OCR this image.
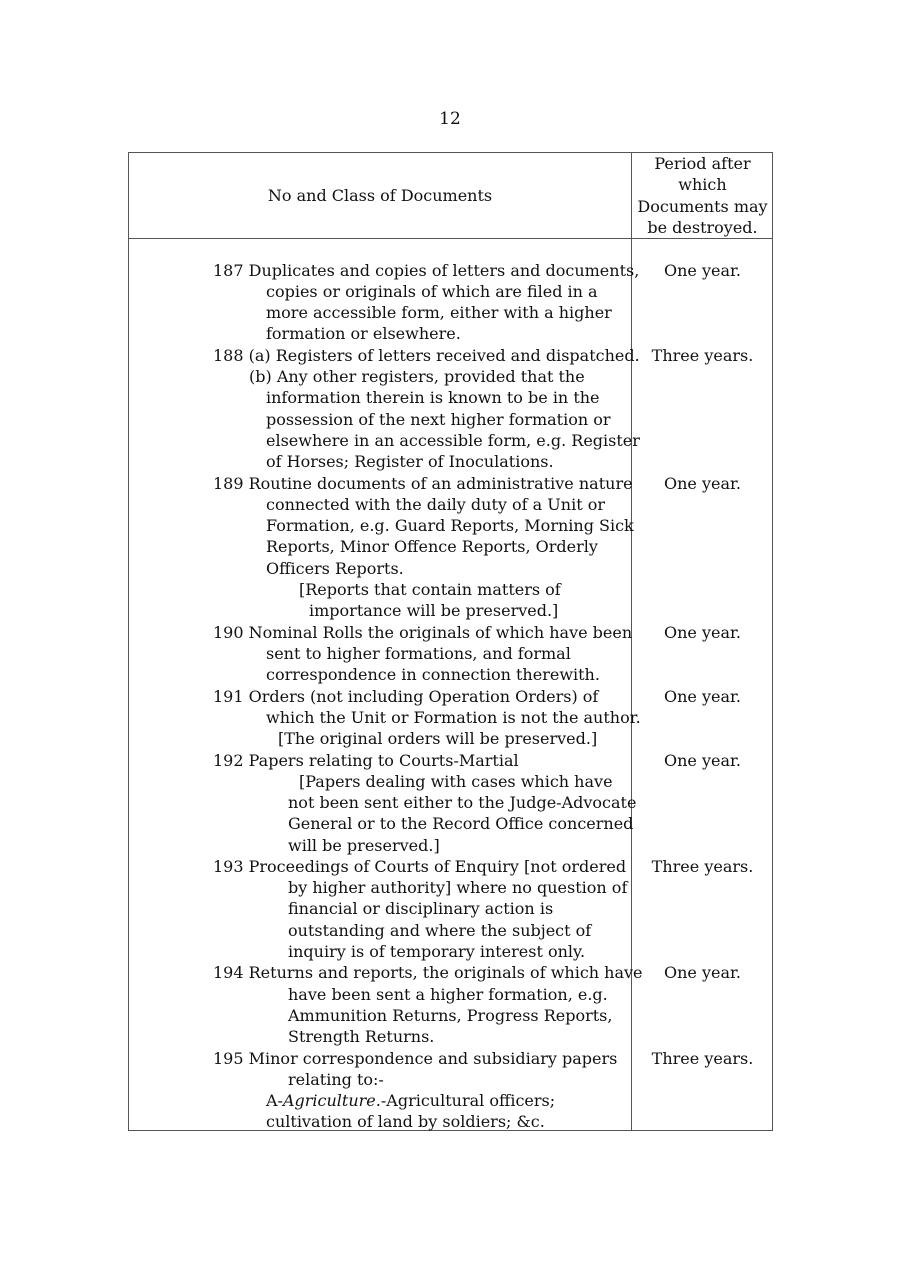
12
No and Class of Documents
Period after
which
Documents may
be destroyed.
187 Duplicates and copies of letters and documents,
copies or originals of which are filed in a
more accessible form, either with a higher
formation or elsewhere.
One year.
188 (a) Registers of letters received and dispatched.
(b) Any other registers, provided that the
information therein is known to be in the
possession of the next higher formation or
elsewhere in an accessible form, e.g. Register
of Horses; Register of Inoculations.
Three years.
189 Routine documents of an administrative nature
connected with the daily duty of a Unit or
Formation, e.g. Guard Reports, Morning Sick
Reports, Minor Offence Reports, Orderly
Officers Reports.
[Reports that contain matters of
importance will be preserved.]
One year.
190 Nominal Rolls the originals of which have been
sent to higher formations, and formal
correspondence in connection therewith.
One year.
191 Orders (not including Operation Orders) of
which the Unit or Formation is not the author.
[The original orders will be preserved.]
One year.
192 Papers relating to Courts-Martial
[Papers dealing with cases which have
not been sent either to the Judge-Advocate
General or to the Record Office concerned
will be preserved.]
One year.
193 Proceedings of Courts of Enquiry [not ordered
by higher authority] where no question of
financial or disciplinary action is
outstanding and where the subject of
inquiry is of temporary interest only.
Three years.
194 Returns and reports, the originals of which have
have been sent a higher formation, e.g.
Ammunition Returns, Progress Reports,
Strength Returns.
One year.
195 Minor correspondence and subsidiary papers
relating to:-
A-Agriculture.-Agricultural officers;
cultivation of land by soldiers; &c.
Three years.
